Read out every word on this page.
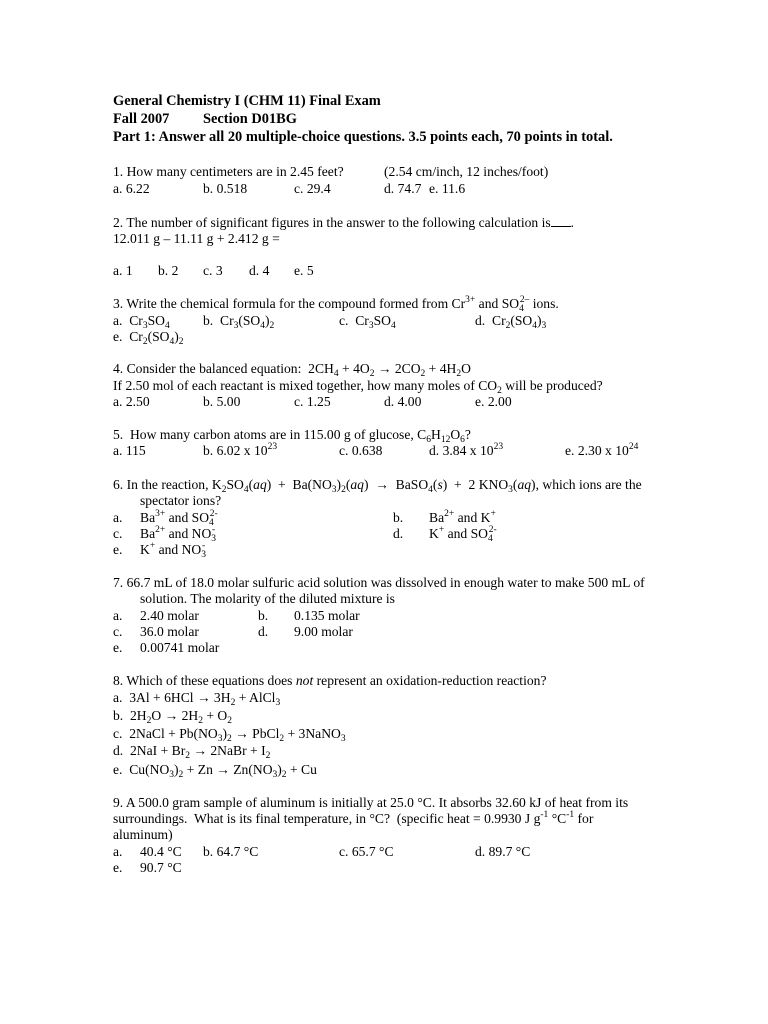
General Chemistry I (CHM 11) Final Exam
Fall 2007 Section D01BG
Part 1: Answer all 20 multiple-choice questions. 3.5 points each, 70 points in total.
1. How many centimeters are in 2.45 feet?	(2.54 cm/inch, 12 inches/foot)
a. 6.22	b. 0.518	c. 29.4	d. 74.7 e. 11.6
2. The number of significant figures in the answer to the following calculation is .
12.011 g – 11.11 g + 2.412 g =
a. 1 b. 2 c. 3 d. 4 e. 5
3. Write the chemical formula for the compound formed from $Cr^{3+}$ and $SO_4^{2-}$ ions.
a.  $Cr_3SO_4$ b.  $Cr_3(SO_4)_2$	c.  $Cr_3SO_4$	d.  $Cr_2(SO_4)_3$
e.  $Cr_2(SO_4)_2$
4. Consider the balanced equation:  $2CH_4 + 4O_2 \to 2CO_2 + 4H_2O$
If 2.50 mol of each reactant is mixed together, how many moles of $CO_2$ will be produced?
a. 2.50	b. 5.00	c. 1.25	d. 4.00	e. 2.00
5.  How many carbon atoms are in 115.00 g of glucose, $C_6H_{12}O_6$?
a. 115	b. 6.02 x $10^{23}$	c. 0.638	d. 3.84 x $10^{23}$	e. 2.30 x $10^{24}$
6. In the reaction, $K_2SO_4(aq) + Ba(NO_3)_2(aq)$  →  BaSO$_4$(s)  +  2 $KNO_3(aq)$, which ions are the
spectator ions?
a. $Ba^{3+}$ and $SO_4^{2-}$	b. $Ba^{2+}$ and K+
c. $Ba^{2+}$ and $NO_3^-$	d. K+ and $SO_4^{2-}$
e. K+ and $NO_3^-$
7. 66.7 mL of 18.0 molar sulfuric acid solution was dissolved in enough water to make 500 mL of
solution. The molarity of the diluted mixture is
a. 2.40 molar	b. 0.135 molar
c. 36.0 molar	d. 9.00 molar
e. 0.00741 molar
8. Which of these equations does not represent an oxidation-reduction reaction?
a.  $3Al + 6HCl \to 3H_2$ + AlCl$_3$
b.  $2H_2O \to 2H_2 + O_2$
c.  2NaCl + $Pb(NO_3)_2$ → PbCl$_2$ + 3NaNO$_3$
d.  $2NaI + Br_2$ → 2NaBr + $I_2$
e.  $Cu(NO_3)_2 + Zn \to Zn(NO_3)_2 + Cu$
9. A 500.0 gram sample of aluminum is initially at 25.0 °C. It absorbs 32.60 kJ of heat from its
surroundings.  What is its final temperature, in °C?  (specific heat = 0.9930 J $g^{-1}$ $^\circ C^{-1}$ for
aluminum)
a. 40.4 °C b. 64.7 °C	c. 65.7 °C	d. 89.7 °C
e. 90.7 °C
